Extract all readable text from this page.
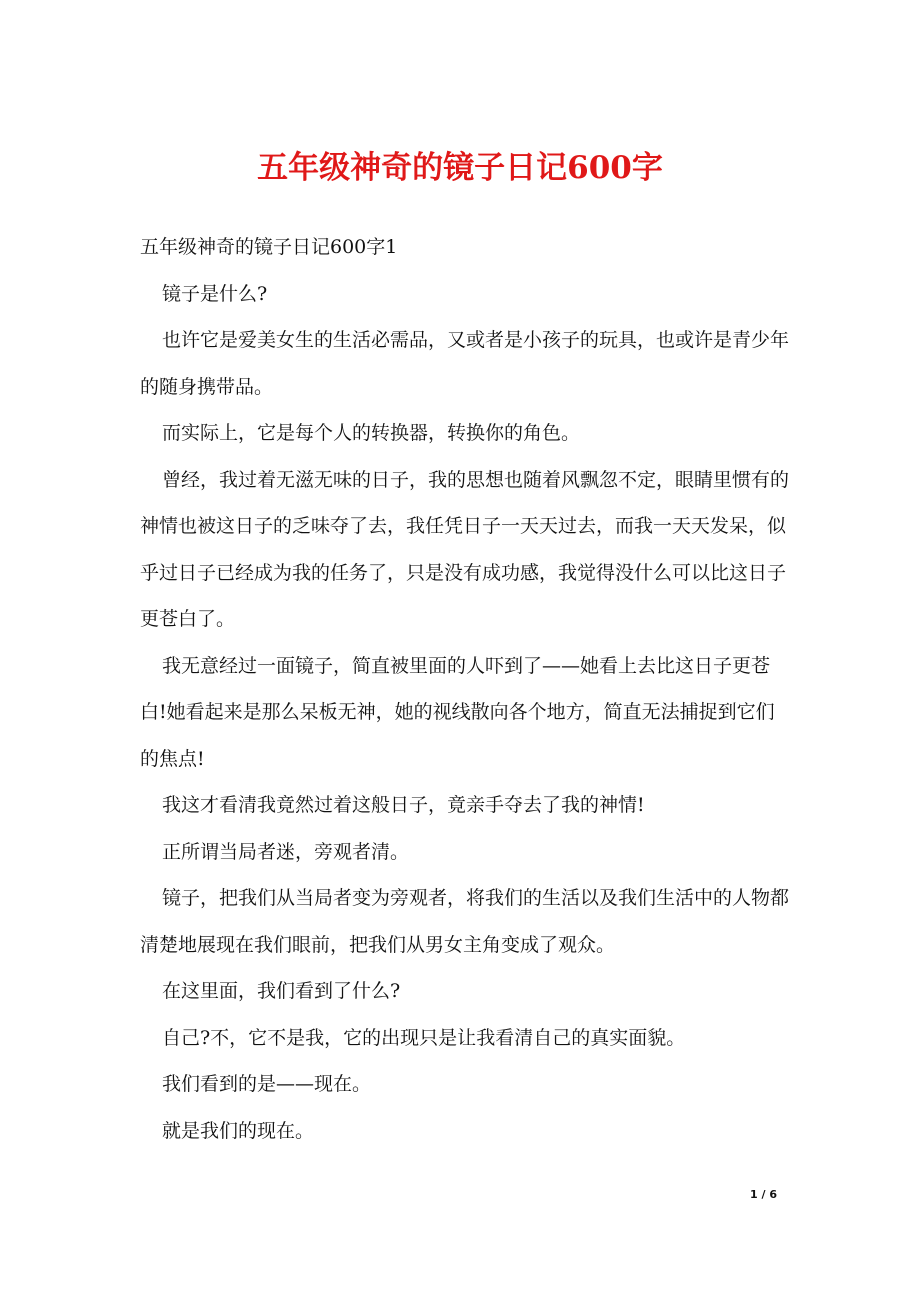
五年级神奇的镜子日记600字

五年级神奇的镜子日记600字1

镜子是什么?

也许它是爱美女生的生活必需品，又或者是小孩子的玩具，也或许是青少年的随身携带品。

而实际上，它是每个人的转换器，转换你的角色。

曾经，我过着无滋无味的日子，我的思想也随着风飘忽不定，眼睛里惯有的神情也被这日子的乏味夺了去，我任凭日子一天天过去，而我一天天发呆，似乎过日子已经成为我的任务了，只是没有成功感，我觉得没什么可以比这日子更苍白了。

我无意经过一面镜子，简直被里面的人吓到了——她看上去比这日子更苍白!她看起来是那么呆板无神，她的视线散向各个地方，简直无法捕捉到它们的焦点!

我这才看清我竟然过着这般日子，竟亲手夺去了我的神情!

正所谓当局者迷，旁观者清。

镜子，把我们从当局者变为旁观者，将我们的生活以及我们生活中的人物都清楚地展现在我们眼前，把我们从男女主角变成了观众。

在这里面，我们看到了什么?

自己?不，它不是我，它的出现只是让我看清自己的真实面貌。

我们看到的是——现在。

就是我们的现在。

1 / 6
